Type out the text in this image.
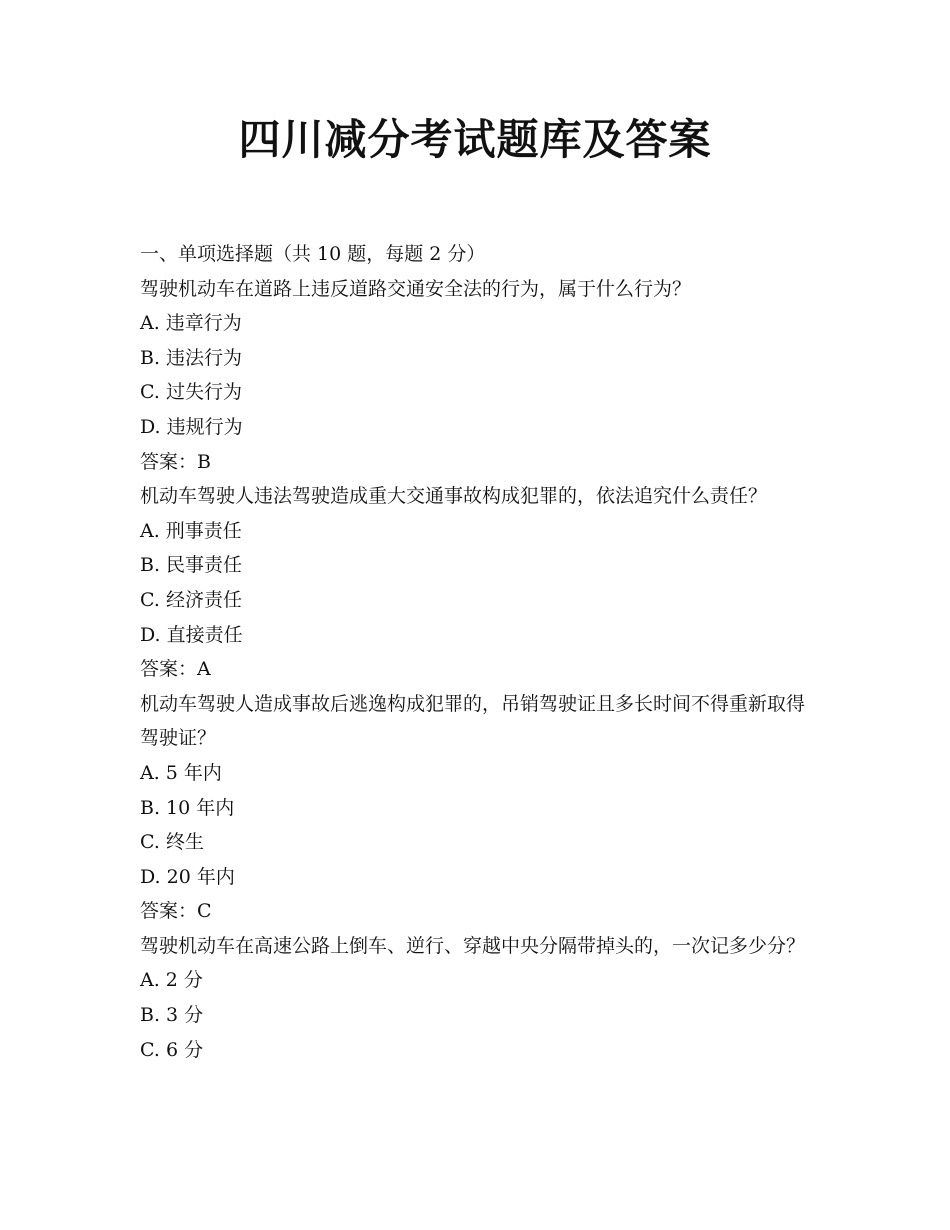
四川减分考试题库及答案
一、单项选择题（共 10 题，每题 2 分）
驾驶机动车在道路上违反道路交通安全法的行为，属于什么行为？
A. 违章行为
B. 违法行为
C. 过失行为
D. 违规行为
答案：B
机动车驾驶人违法驾驶造成重大交通事故构成犯罪的，依法追究什么责任？
A. 刑事责任
B. 民事责任
C. 经济责任
D. 直接责任
答案：A
机动车驾驶人造成事故后逃逸构成犯罪的，吊销驾驶证且多长时间不得重新取得驾驶证？
A. 5 年内
B. 10 年内
C. 终生
D. 20 年内
答案：C
驾驶机动车在高速公路上倒车、逆行、穿越中央分隔带掉头的，一次记多少分？
A. 2 分
B. 3 分
C. 6 分
